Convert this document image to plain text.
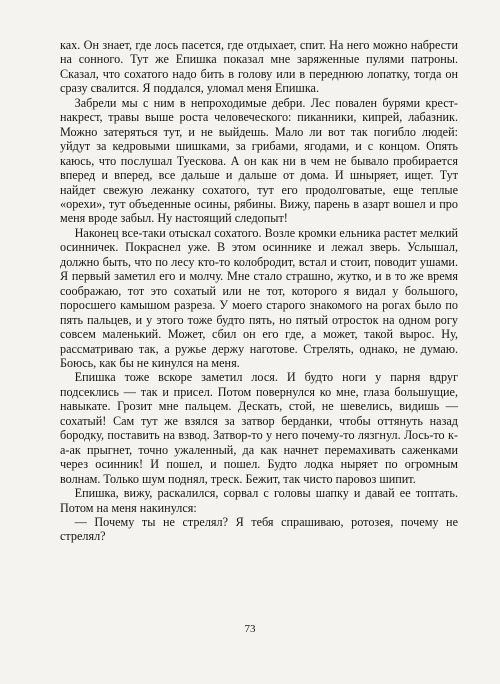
ках. Он знает, где лось пасется, где отдыхает, спит. На него можно набрести на сонного. Тут же Епишка показал мне заряженные пулями патроны. Сказал, что сохатого надо бить в голову или в переднюю лопатку, тогда он сразу свалится. Я поддался, уломал меня Епишка.

Забрели мы с ним в непроходимые дебри. Лес повален бурями крест-накрест, травы выше роста человеческого: пиканники, кипрей, лабазник. Можно затеряться тут, и не выйдешь. Мало ли вот так погибло людей: уйдут за кедровыми шишками, за грибами, ягодами, и с концом. Опять каюсь, что послушал Туескова. А он как ни в чем не бывало пробирается вперед и вперед, все дальше и дальше от дома. И шныряет, ищет. Тут найдет свежую лежанку сохатого, тут его продолговатые, еще теплые «орехи», тут объеденные осины, рябины. Вижу, парень в азарт вошел и про меня вроде забыл. Ну настоящий следопыт!

Наконец все-таки отыскал сохатого. Возле кромки ельника растет мелкий осинничек. Покраснел уже. В этом осиннике и лежал зверь. Услышал, должно быть, что по лесу кто-то колобродит, встал и стоит, поводит ушами. Я первый заметил его и молчу. Мне стало страшно, жутко, и в то же время соображаю, тот это сохатый или не тот, которого я видал у большого, поросшего камышом разреза. У моего старого знакомого на рогах было по пять пальцев, и у этого тоже будто пять, но пятый отросток на одном рогу совсем маленький. Может, сбил он его где, а может, такой вырос. Ну, рассматриваю так, а ружье держу наготове. Стрелять, однако, не думаю. Боюсь, как бы не кинулся на меня.

Епишка тоже вскоре заметил лося. И будто ноги у парня вдруг подсеклись — так и присел. Потом повернулся ко мне, глаза большущие, навыкате. Грозит мне пальцем. Дескать, стой, не шевелись, видишь — сохатый! Сам тут же взялся за затвор берданки, чтобы оттянуть назад бородку, поставить на взвод. Затвор-то у него почему-то лязгнул. Лось-то к-а-ак прыгнет, точно ужаленный, да как начнет перемахивать саженками через осинник! И пошел, и пошел. Будто лодка ныряет по огромным волнам. Только шум поднял, треск. Бежит, так чисто паровоз шипит.

Епишка, вижу, раскалился, сорвал с головы шапку и давай ее топтать. Потом на меня накинулся:

— Почему ты не стрелял? Я тебя спрашиваю, ротозея, почему не стрелял?

73
